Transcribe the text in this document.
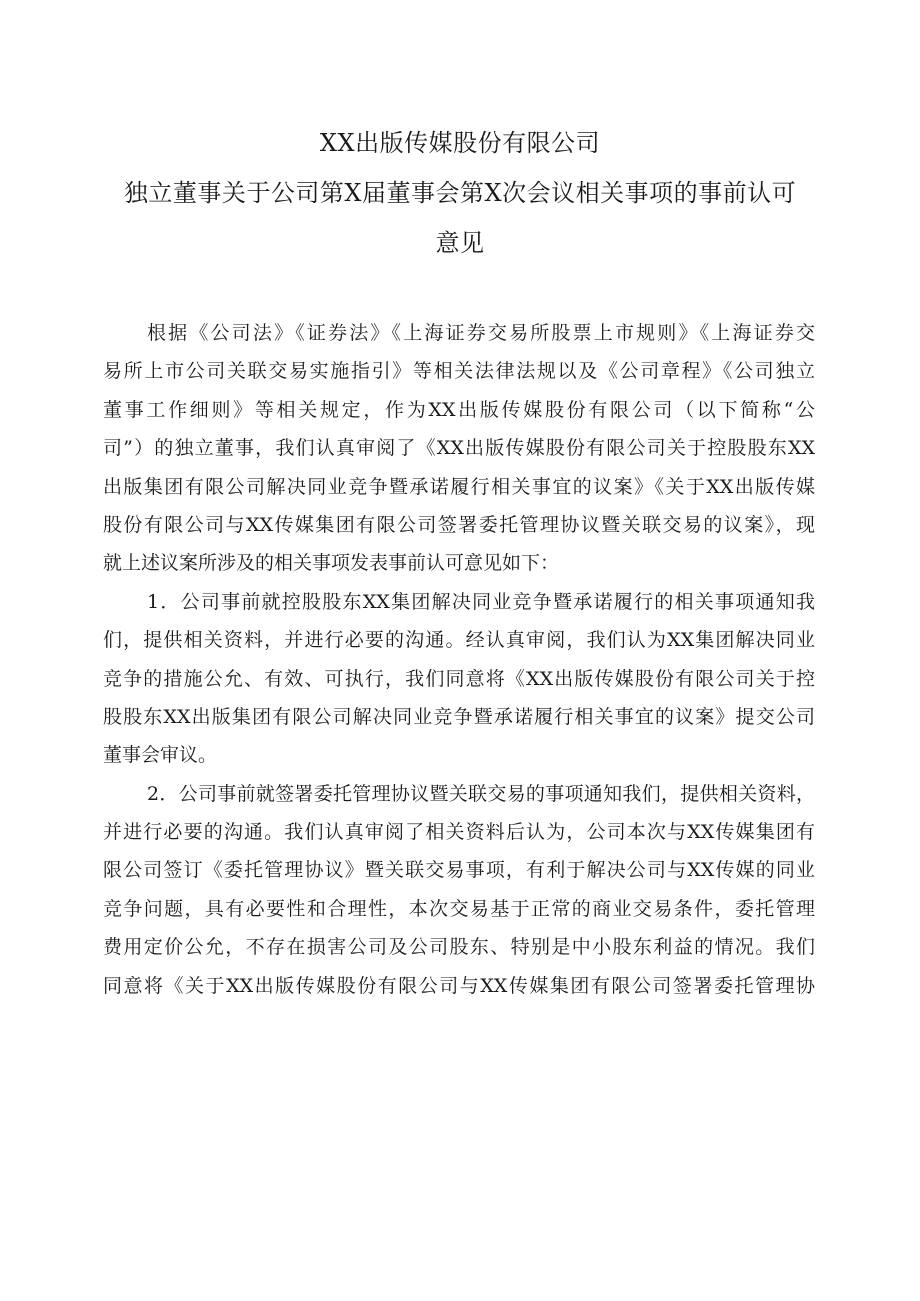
XX出版传媒股份有限公司
独立董事关于公司第X届董事会第X次会议相关事项的事前认可
意见
根据《公司法》《证券法》《上海证券交易所股票上市规则》《上海证券交
易所上市公司关联交易实施指引》等相关法律法规以及《公司章程》《公司独立
董事工作细则》等相关规定，作为XX出版传媒股份有限公司（以下简称“公
司”）的独立董事，我们认真审阅了《XX出版传媒股份有限公司关于控股股东XX
出版集团有限公司解决同业竞争暨承诺履行相关事宜的议案》《关于XX出版传媒
股份有限公司与XX传媒集团有限公司签署委托管理协议暨关联交易的议案》，现
就上述议案所涉及的相关事项发表事前认可意见如下：
1．公司事前就控股股东XX集团解决同业竞争暨承诺履行的相关事项通知我
们，提供相关资料，并进行必要的沟通。经认真审阅，我们认为XX集团解决同业
竞争的措施公允、有效、可执行，我们同意将《XX出版传媒股份有限公司关于控
股股东XX出版集团有限公司解决同业竞争暨承诺履行相关事宜的议案》提交公司
董事会审议。
2．公司事前就签署委托管理协议暨关联交易的事项通知我们，提供相关资料，
并进行必要的沟通。我们认真审阅了相关资料后认为，公司本次与XX传媒集团有
限公司签订《委托管理协议》暨关联交易事项，有利于解决公司与XX传媒的同业
竞争问题，具有必要性和合理性，本次交易基于正常的商业交易条件，委托管理
费用定价公允，不存在损害公司及公司股东、特别是中小股东利益的情况。我们
同意将《关于XX出版传媒股份有限公司与XX传媒集团有限公司签署委托管理协
